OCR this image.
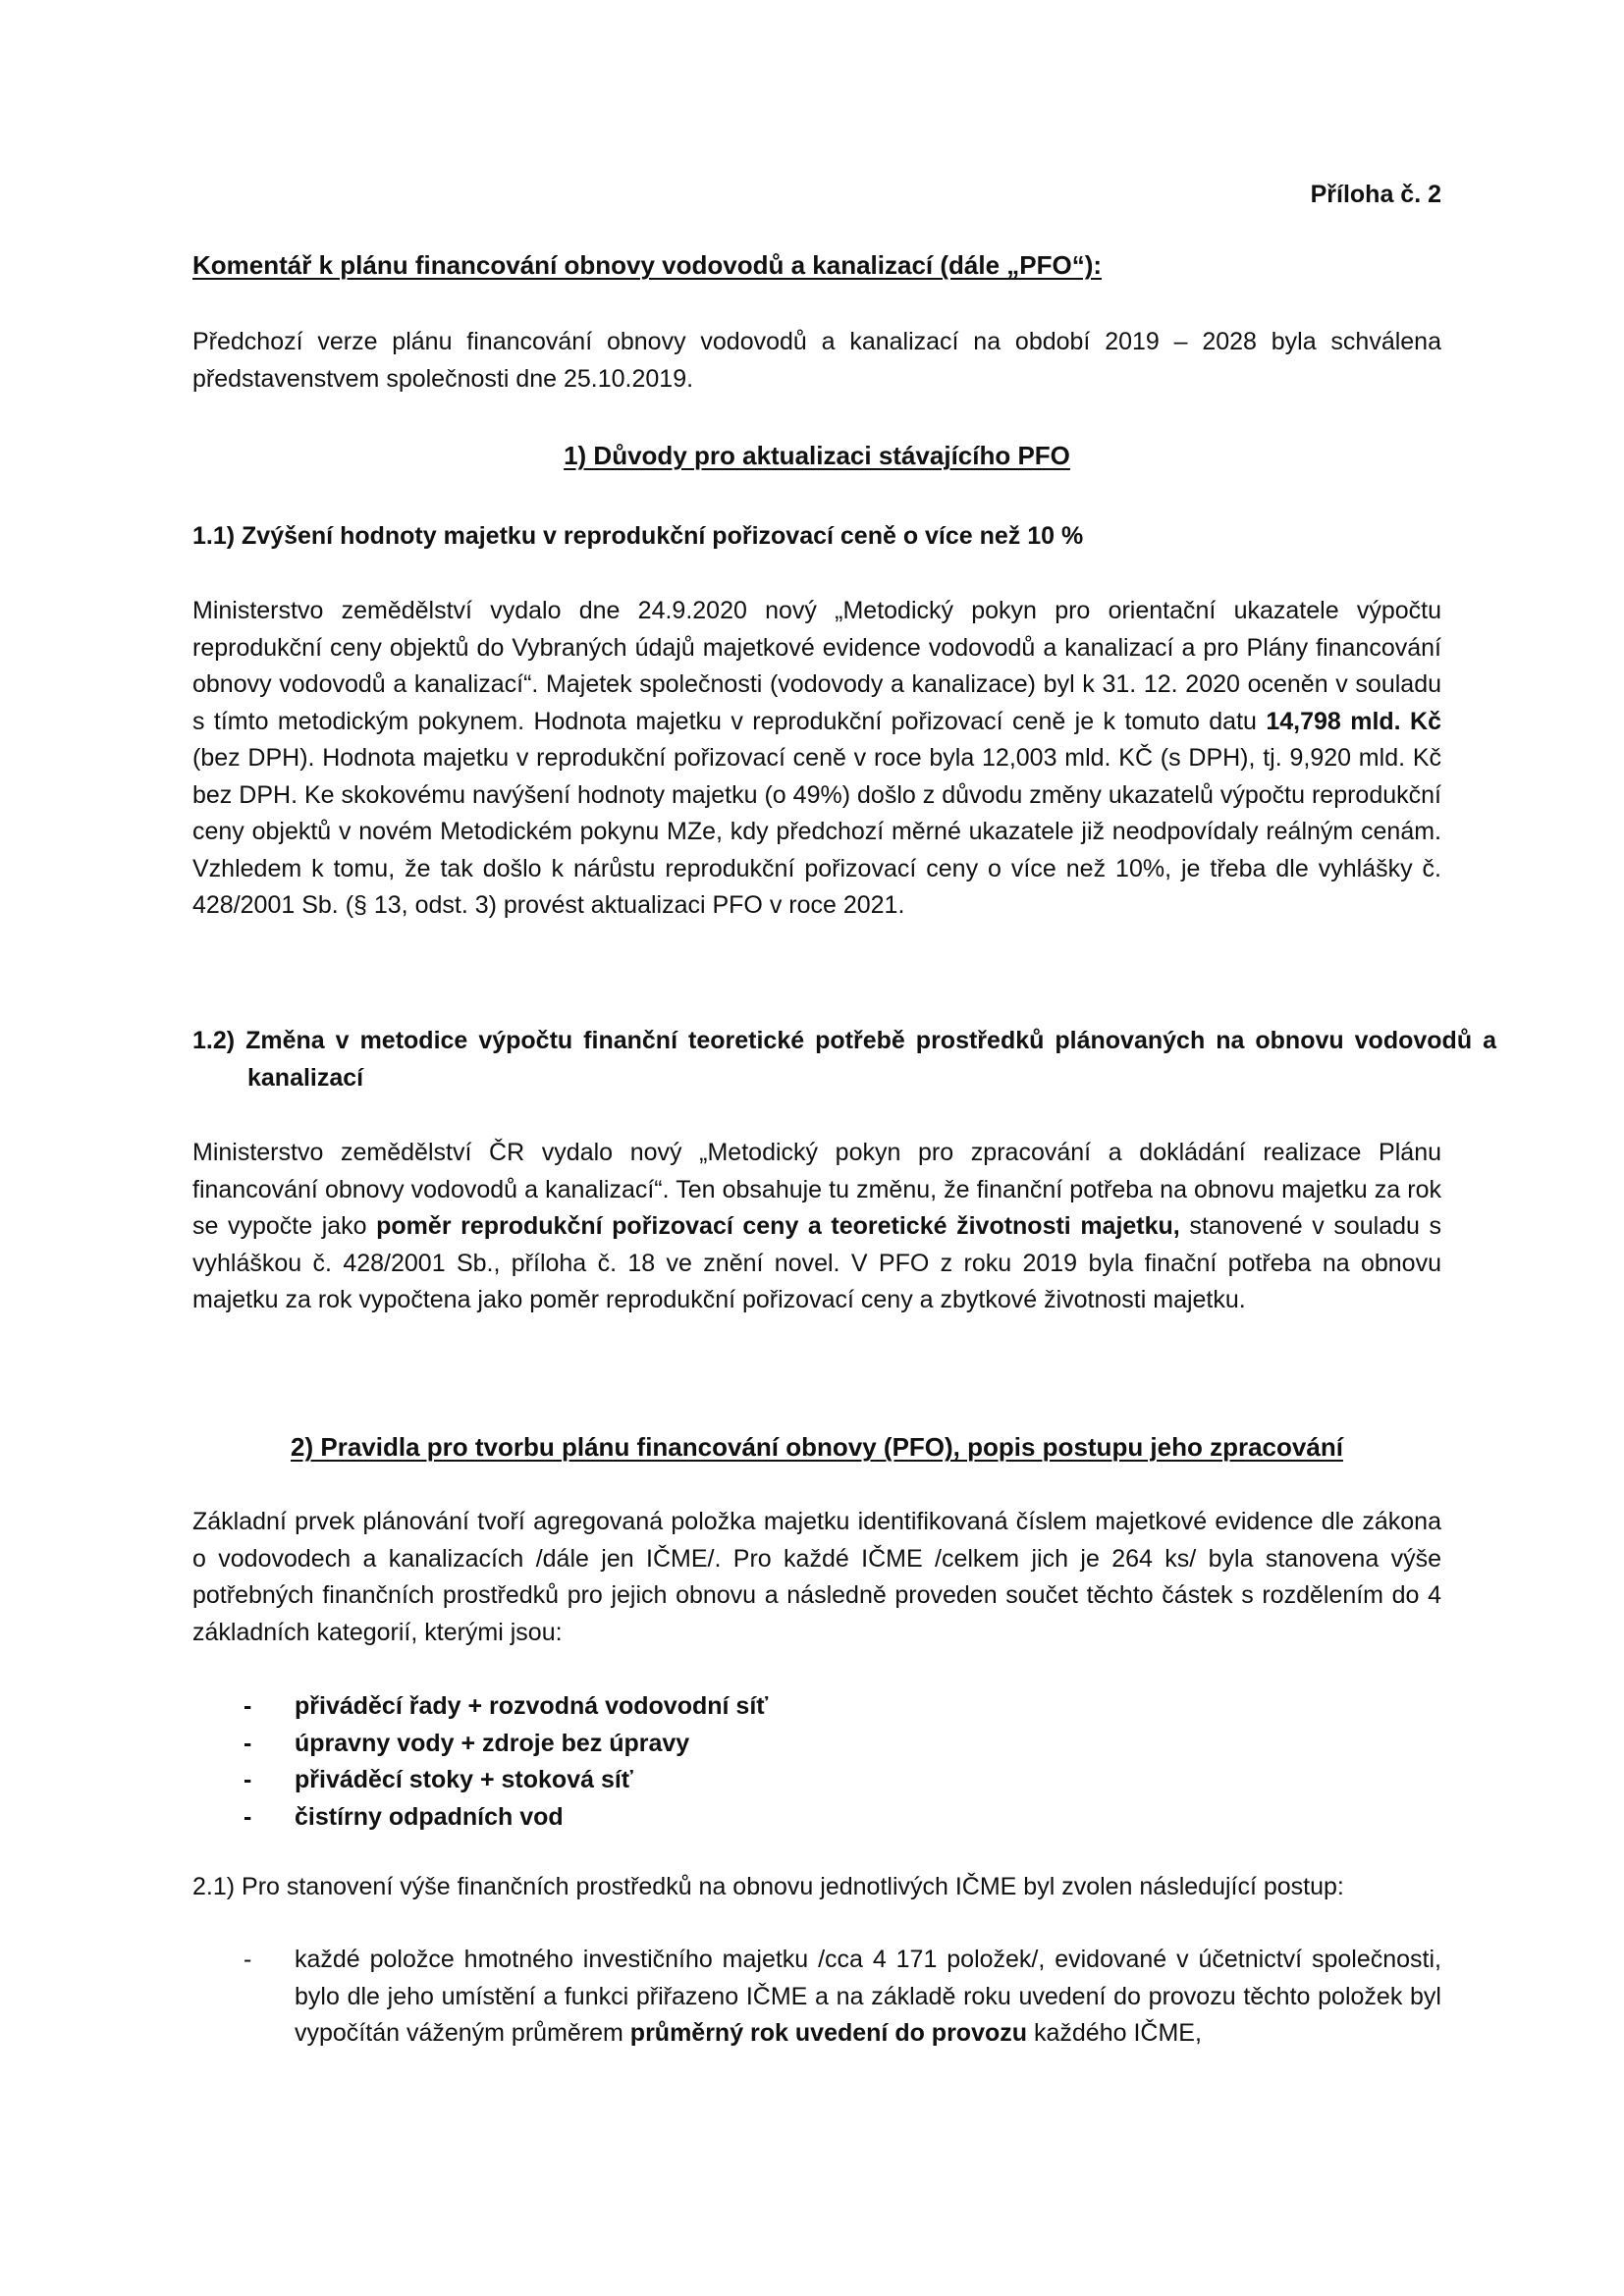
Příloha č. 2

Komentář k plánu financování obnovy vodovodů a kanalizací (dále „PFO“):

Předchozí verze plánu financování obnovy vodovodů a kanalizací na období 2019 – 2028 byla schválena představenstvem společnosti dne 25.10.2019.

1) Důvody pro aktualizaci stávajícího PFO

1.1) Zvýšení hodnoty majetku v reprodukční pořizovací ceně o více než 10 %

Ministerstvo zemědělství vydalo dne 24.9.2020 nový „Metodický pokyn pro orientační ukazatele výpočtu reprodukční ceny objektů do Vybraných údajů majetkové evidence vodovodů a kanalizací a pro Plány financování obnovy vodovodů a kanalizací“. Majetek společnosti (vodovody a kanalizace) byl k 31. 12. 2020 oceněn v souladu s tímto metodickým pokynem. Hodnota majetku v reprodukční pořizovací ceně je k tomuto datu 14,798 mld. Kč (bez DPH). Hodnota majetku v reprodukční pořizovací ceně v roce byla 12,003 mld. KČ (s DPH), tj. 9,920 mld. Kč bez DPH. Ke skokovému navýšení hodnoty majetku (o 49%) došlo z důvodu změny ukazatelů výpočtu reprodukční ceny objektů v novém Metodickém pokynu MZe, kdy předchozí měrné ukazatele již neodpovídaly reálným cenám. Vzhledem k tomu, že tak došlo k nárůstu reprodukční pořizovací ceny o více než 10%, je třeba dle vyhlášky č. 428/2001 Sb. (§ 13, odst. 3) provést aktualizaci PFO v roce 2021.

1.2) Změna v metodice výpočtu finanční teoretické potřebě prostředků plánovaných na obnovu vodovodů a kanalizací

Ministerstvo zemědělství ČR vydalo nový „Metodický pokyn pro zpracování a dokládání realizace Plánu financování obnovy vodovodů a kanalizací“. Ten obsahuje tu změnu, že finanční potřeba na obnovu majetku za rok se vypočte jako poměr reprodukční pořizovací ceny a teoretické životnosti majetku, stanovené v souladu s vyhláškou č. 428/2001 Sb., příloha č. 18 ve znění novel. V PFO z roku 2019 byla finační potřeba na obnovu majetku za rok vypočtena jako poměr reprodukční pořizovací ceny a zbytkové životnosti majetku.

2) Pravidla pro tvorbu plánu financování obnovy (PFO), popis postupu jeho zpracování

Základní prvek plánování tvoří agregovaná položka majetku identifikovaná číslem majetkové evidence dle zákona o vodovodech a kanalizacích /dále jen IČME/. Pro každé IČME /celkem jich je 264 ks/ byla stanovena výše potřebných finančních prostředků pro jejich obnovu a následně proveden součet těchto částek s rozdělením do 4 základních kategorií, kterými jsou:

- přiváděcí řady + rozvodná vodovodní síť
- úpravny vody + zdroje bez úpravy
- přiváděcí stoky + stoková síť
- čistírny odpadních vod

2.1) Pro stanovení výše finančních prostředků na obnovu jednotlivých IČME byl zvolen následující postup:

- každé položce hmotného investičního majetku /cca 4 171 položek/, evidované v účetnictví společnosti, bylo dle jeho umístění a funkci přiřazeno IČME a na základě roku uvedení do provozu těchto položek byl vypočítán váženým průměrem průměrný rok uvedení do provozu každého IČME,
